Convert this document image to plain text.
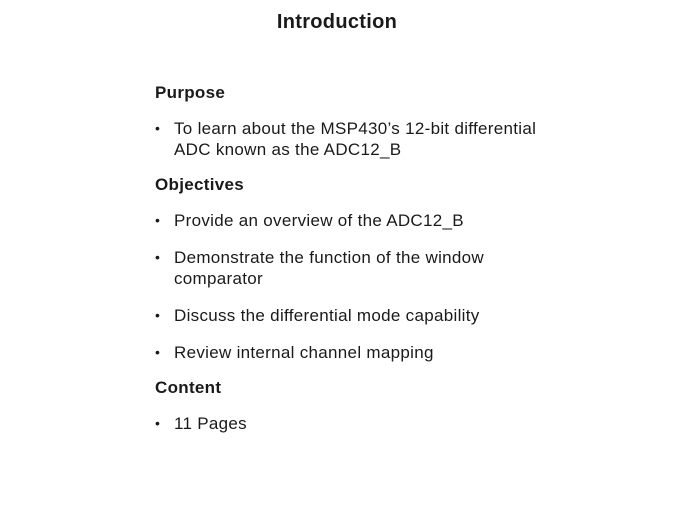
Introduction
Purpose
• To learn about the MSP430’s 12-bit differential ADC known as the ADC12_B
Objectives
• Provide an overview of the ADC12_B
• Demonstrate the function of the window comparator
• Discuss the differential mode capability
• Review internal channel mapping
Content
• 11 Pages
